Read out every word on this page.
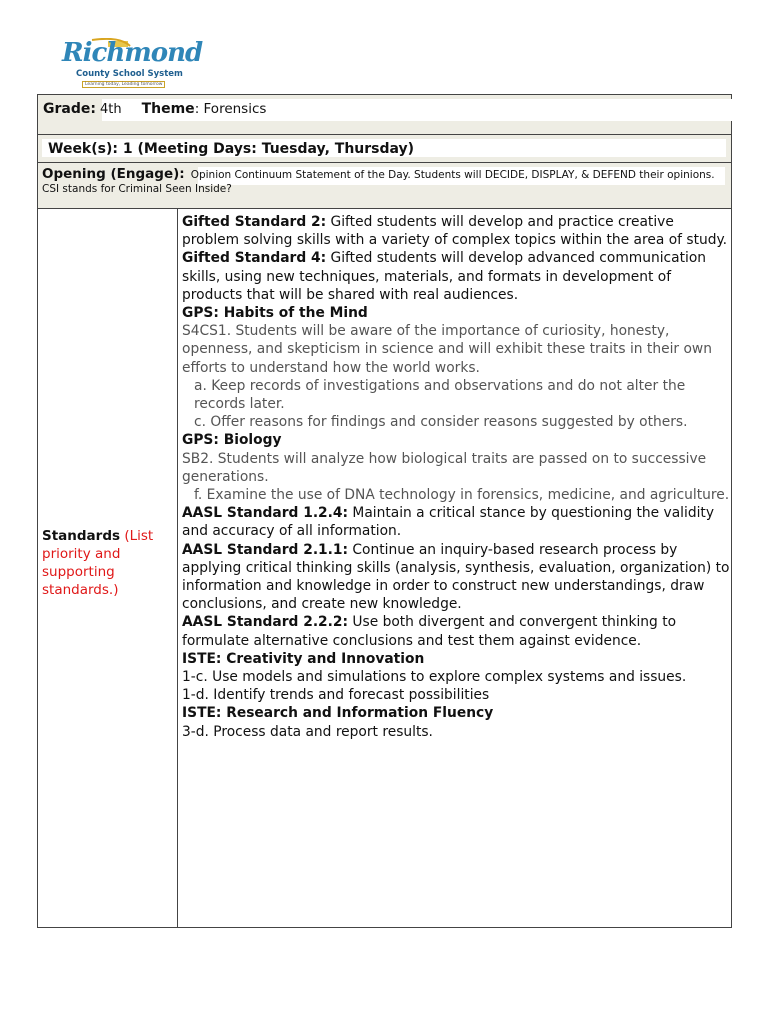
Richmond
County School System
Learning today, Leading tomorrow
Grade: 4th Theme: Forensics
Week(s): 1 (Meeting Days: Tuesday, Thursday)
Opening (Engage): Opinion Continuum Statement of the Day. Students will DECIDE, DISPLAY, & DEFEND their opinions. CSI stands for Criminal Seen Inside?
Standards (List priority and supporting standards.)

Gifted Standard 2: Gifted students will develop and practice creative problem solving skills with a variety of complex topics within the area of study.

Gifted Standard 4: Gifted students will develop advanced communication skills, using new techniques, materials, and formats in development of products that will be shared with real audiences.

GPS: Habits of the Mind

S4CS1. Students will be aware of the importance of curiosity, honesty, openness, and skepticism in science and will exhibit these traits in their own efforts to understand how the world works.

a. Keep records of investigations and observations and do not alter the records later.

c. Offer reasons for findings and consider reasons suggested by others.

GPS: Biology

SB2. Students will analyze how biological traits are passed on to successive generations.

f. Examine the use of DNA technology in forensics, medicine, and agriculture.

AASL Standard 1.2.4: Maintain a critical stance by questioning the validity and accuracy of all information.

AASL Standard 2.1.1: Continue an inquiry-based research process by applying critical thinking skills (analysis, synthesis, evaluation, organization) to information and knowledge in order to construct new understandings, draw conclusions, and create new knowledge.

AASL Standard 2.2.2: Use both divergent and convergent thinking to formulate alternative conclusions and test them against evidence.

ISTE: Creativity and Innovation

1-c. Use models and simulations to explore complex systems and issues.

1-d. Identify trends and forecast possibilities

ISTE: Research and Information Fluency

3-d. Process data and report results.
